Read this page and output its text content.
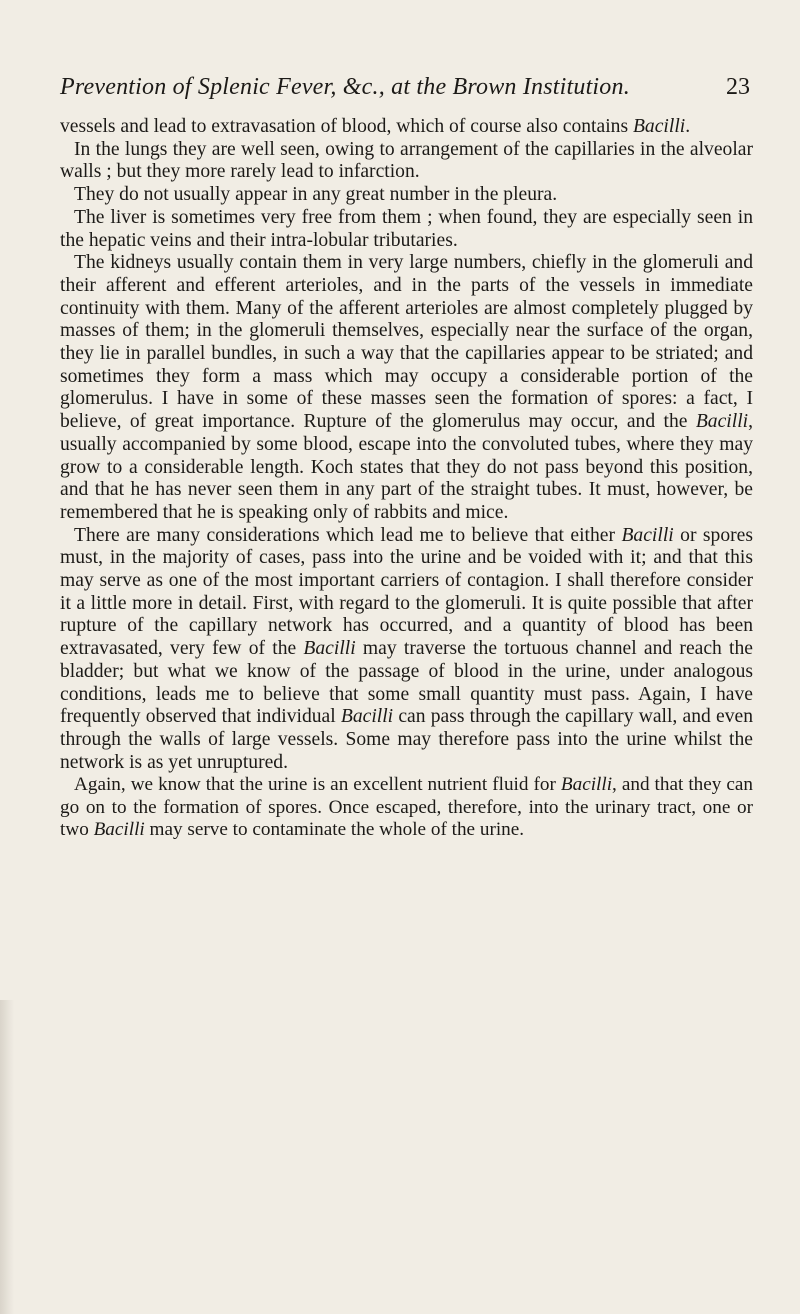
Prevention of Splenic Fever, &c., at the Brown Institution.	23

vessels and lead to extravasation of blood, which of course also contains Bacilli.

In the lungs they are well seen, owing to arrangement of the capillaries in the alveolar walls ; but they more rarely lead to infarction.

They do not usually appear in any great number in the pleura.

The liver is sometimes very free from them ; when found, they are especially seen in the hepatic veins and their intra-lobular tributaries.

The kidneys usually contain them in very large numbers, chiefly in the glomeruli and their afferent and efferent arterioles, and in the parts of the vessels in immediate continuity with them. Many of the afferent arterioles are almost completely plugged by masses of them; in the glomeruli themselves, especially near the surface of the organ, they lie in parallel bundles, in such a way that the capillaries appear to be striated; and sometimes they form a mass which may occupy a considerable portion of the glomerulus. I have in some of these masses seen the formation of spores: a fact, I believe, of great importance. Rupture of the glomerulus may occur, and the Bacilli, usually accompanied by some blood, escape into the convoluted tubes, where they may grow to a considerable length. Koch states that they do not pass beyond this position, and that he has never seen them in any part of the straight tubes. It must, however, be remembered that he is speaking only of rabbits and mice.

There are many considerations which lead me to believe that either Bacilli or spores must, in the majority of cases, pass into the urine and be voided with it; and that this may serve as one of the most important carriers of contagion. I shall therefore consider it a little more in detail. First, with regard to the glomeruli. It is quite possible that after rupture of the capillary network has occurred, and a quantity of blood has been extravasated, very few of the Bacilli may traverse the tortuous channel and reach the bladder; but what we know of the passage of blood in the urine, under analogous conditions, leads me to believe that some small quantity must pass. Again, I have frequently observed that individual Bacilli can pass through the capillary wall, and even through the walls of large vessels. Some may therefore pass into the urine whilst the network is as yet unruptured.

Again, we know that the urine is an excellent nutrient fluid for Bacilli, and that they can go on to the formation of spores. Once escaped, therefore, into the urinary tract, one or two Bacilli may serve to contaminate the whole of the urine.
